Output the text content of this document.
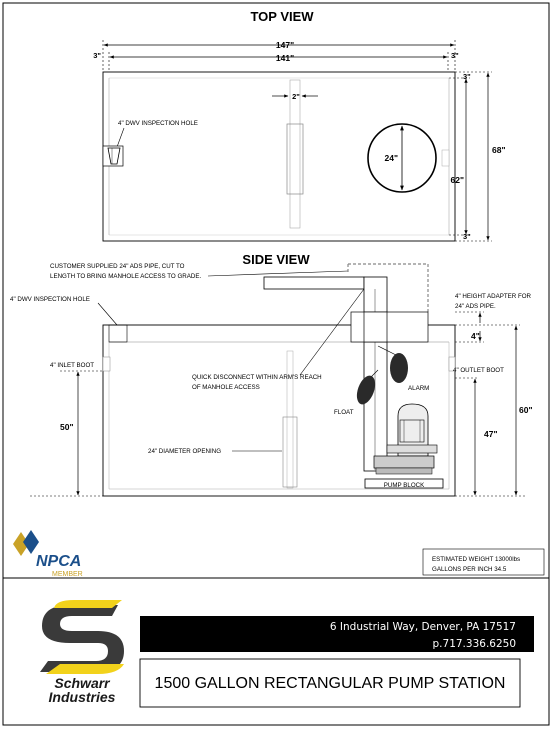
TOP VIEW
147"
141"
3"	3"
2"
24"
4" DWV INSPECTION HOLE
3"
3"
62"
68"
SIDE VIEW
CUSTOMER SUPPLIED 24" ADS PIPE, CUT TO
LENGTH TO BRING MANHOLE ACCESS TO GRADE.
4" DWV INSPECTION HOLE
4" INLET BOOT
4" OUTLET BOOT
24" DIAMETER OPENING
QUICK DISCONNECT WITHIN ARM'S REACH
OF MANHOLE ACCESS	ALARM
FLOAT
PUMP BLOCK
4" HEIGHT ADAPTER FOR
24" ADS PIPE.
4"
50"
47"
60"
NPCA
MEMBER
ESTIMATED WEIGHT 13000lbs
GALLONS PER INCH 34.5
Schwarr
Industries
6 Industrial Way, Denver, PA 17517
p.717.336.6250
1500 GALLON RECTANGULAR PUMP STATION
